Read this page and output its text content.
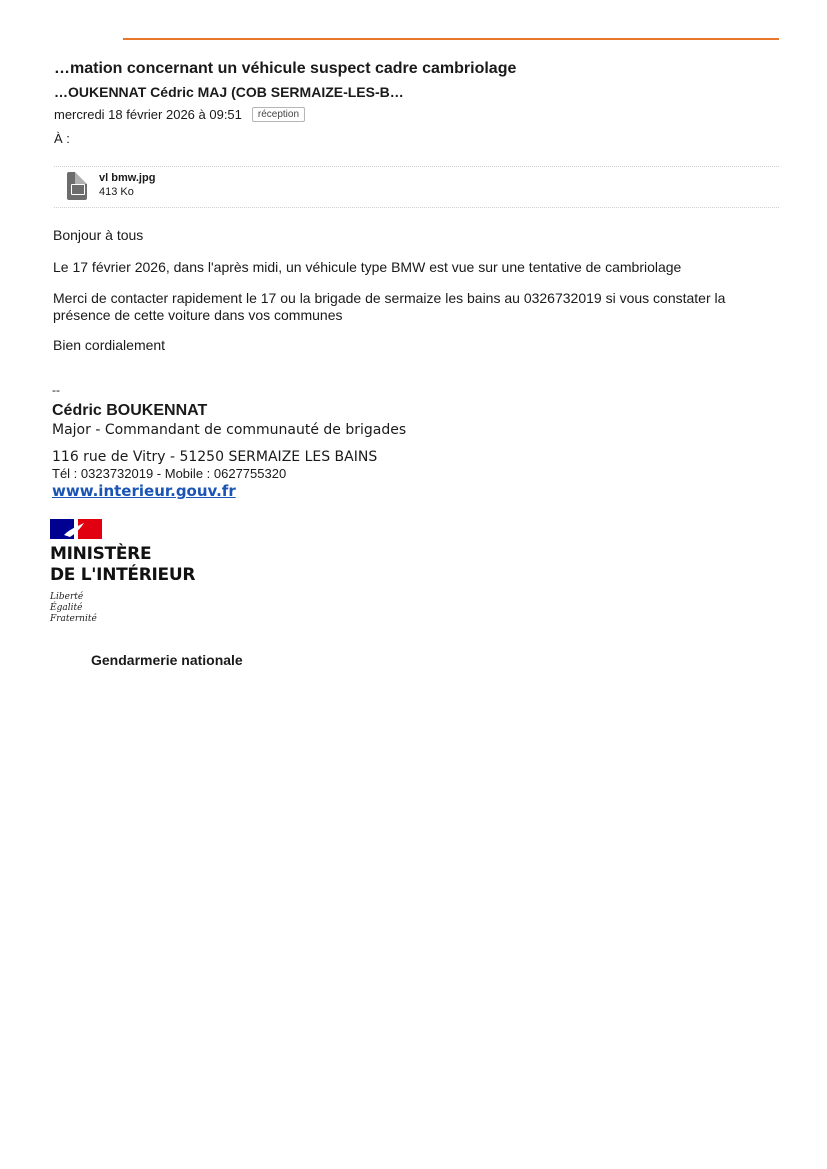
…mation concernant un véhicule suspect cadre cambriolage
…OUKENNAT Cédric MAJ (COB SERMAIZE-LES-B…
mercredi 18 février 2026 à 09:51	réception
À :
vl bmw.jpg
413 Ko
Bonjour à tous
Le 17 février 2026, dans l'après midi, un véhicule type BMW est vue sur une tentative de cambriolage
Merci de contacter rapidement le 17 ou la brigade de sermaize les bains au 0326732019 si vous constater la présence de cette voiture dans vos communes
Bien cordialement
--
Cédric BOUKENNAT
Major - Commandant de communauté de brigades
116 rue de Vitry - 51250 SERMAIZE LES BAINS
Tél : 0323732019 - Mobile : 0627755320
www.interieur.gouv.fr
MINISTÈRE
DE L'INTÉRIEUR
Liberté
Égalité
Fraternité
Gendarmerie nationale
